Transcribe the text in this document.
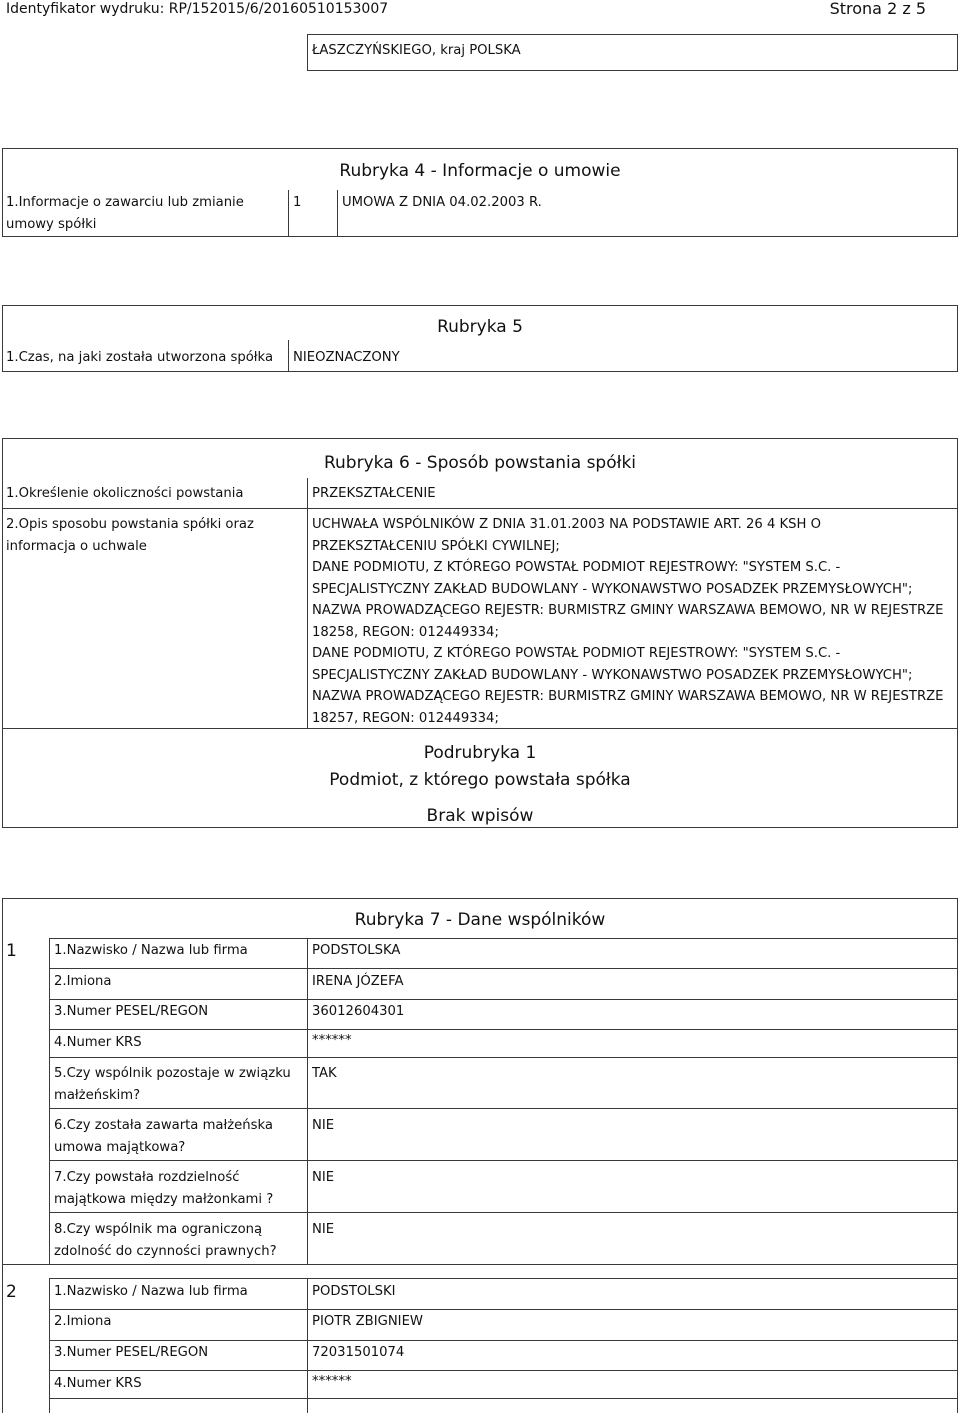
Identyfikator wydruku: RP/152015/6/20160510153007	Strona 2 z 5
ŁASZCZYŃSKIEGO, kraj POLSKA
Rubryka 4 - Informacje o umowie
1.Informacje o zawarciu lub zmianie umowy spółki
1	UMOWA Z DNIA 04.02.2003 R.
Rubryka 5
1.Czas, na jaki została utworzona spółka NIEOZNACZONY
Rubryka 6 - Sposób powstania spółki
1.Określenie okoliczności powstania	PRZEKSZTAŁCENIE
2.Opis sposobu powstania spółki oraz informacja o uchwale
UCHWAŁA WSPÓLNIKÓW Z DNIA 31.01.2003 NA PODSTAWIE ART. 26 4 KSH O
PRZEKSZTAŁCENIU SPÓŁKI CYWILNEJ;
DANE PODMIOTU, Z KTÓREGO POWSTAŁ PODMIOT REJESTROWY: "SYSTEM S.C. -
SPECJALISTYCZNY ZAKŁAD BUDOWLANY - WYKONAWSTWO POSADZEK PRZEMYSŁOWYCH";
NAZWA PROWADZĄCEGO REJESTR: BURMISTRZ GMINY WARSZAWA BEMOWO, NR W REJESTRZE
18258, REGON: 012449334;
DANE PODMIOTU, Z KTÓREGO POWSTAŁ PODMIOT REJESTROWY: "SYSTEM S.C. -
SPECJALISTYCZNY ZAKŁAD BUDOWLANY - WYKONAWSTWO POSADZEK PRZEMYSŁOWYCH";
NAZWA PROWADZĄCEGO REJESTR: BURMISTRZ GMINY WARSZAWA BEMOWO, NR W REJESTRZE
18257, REGON: 012449334;
Podrubryka 1
Podmiot, z którego powstała spółka
Brak wpisów
Rubryka 7 - Dane wspólników
1	1.Nazwisko / Nazwa lub firma	PODSTOLSKA
2.Imiona	IRENA JÓZEFA
3.Numer PESEL/REGON	36012604301
4.Numer KRS	******
5.Czy wspólnik pozostaje w związku małżeńskim?
TAK
6.Czy została zawarta małżeńska umowa majątkowa?
NIE
7.Czy powstała rozdzielność majątkowa między małżonkami ?
NIE
8.Czy wspólnik ma ograniczoną zdolność do czynności prawnych?
NIE
2	1.Nazwisko / Nazwa lub firma	PODSTOLSKI
2.Imiona	PIOTR ZBIGNIEW
3.Numer PESEL/REGON	72031501074
4.Numer KRS	******
